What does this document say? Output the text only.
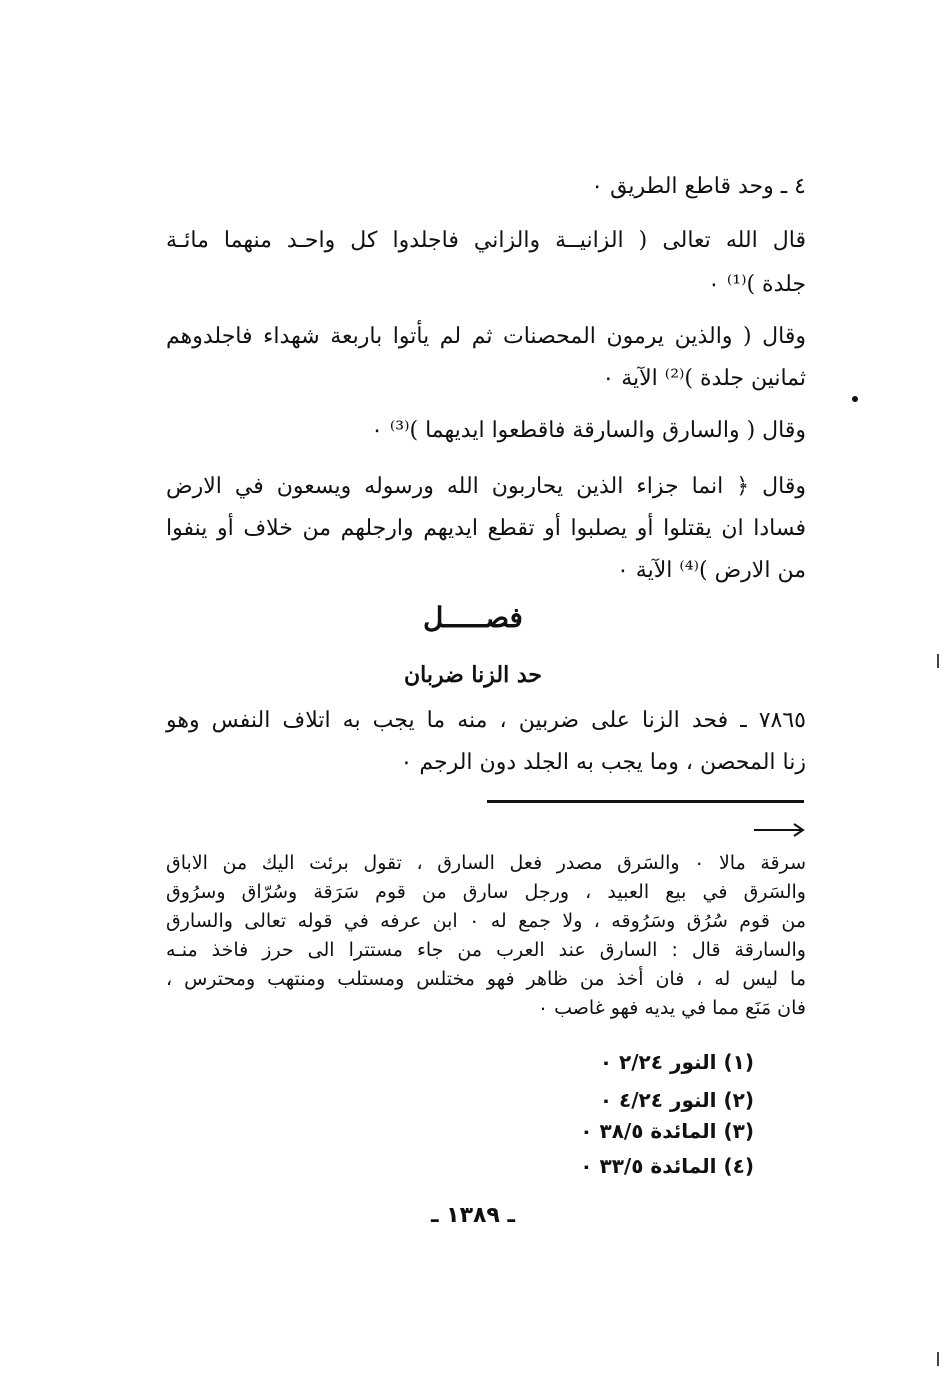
٤ ـ وحد قاطع الطريق ٠
قال الله تعالى ( الزانيــة والزاني فاجلدوا كل واحـد منهما مائـة
جلدة )⁽¹⁾ ٠
وقال ( والذين يرمون المحصنات ثم لم يأتوا باربعة شهداء فاجلدوهم
ثمانين جلدة )⁽²⁾ الآية ٠
وقال ( والسارق والسارقة فاقطعوا ايديهما )⁽³⁾ ٠
وقال ﴿ انما جزاء الذين يحاربون الله ورسوله ويسعون في الارض
فسادا ان يقتلوا أو يصلبوا أو تقطع ايديهم وارجلهم من خلاف أو ينفوا
من الارض )⁽⁴⁾ الآية ٠
فصـــــل
حد الزنا ضربان
٧٨٦٥ ـ فحد الزنا على ضربين ، منه ما يجب به اتلاف النفس وهو
زنا المحصن ، وما يجب به الجلد دون الرجم ٠
سرقة مالا ٠ والسَرق مصدر فعل السارق ، تقول برئت اليك من الاباق
والسَرق في بيع العبيد ، ورجل سارق من قوم سَرَقة وسُرّاق وسرُوق
من قوم سُرُق وسَرُوقه ، ولا جمع له ٠ ابن عرفه في قوله تعالى والسارق
والسارقة قال : السارق عند العرب من جاء مستترا الى حرز فاخذ منـه
ما ليس له ، فان أخذ من ظاهر فهو مختلس ومستلب ومنتهب ومحترس ،
فان مَنَع مما في يديه فهو غاصب ٠
(١) النور ٢/٢٤ ٠
(٢) النور ٤/٢٤ ٠
(٣) المائدة ٣٨/٥ ٠
(٤) المائدة ٣٣/٥ ٠
ـ ١٣٨٩ ـ
